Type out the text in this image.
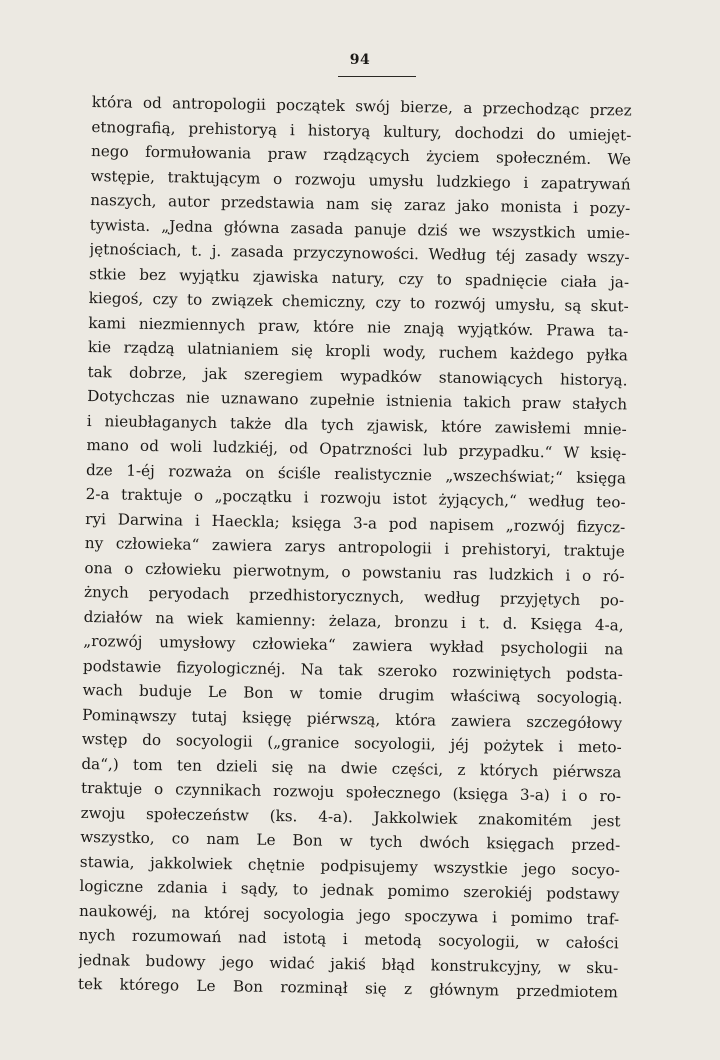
94
która od antropologii początek swój bierze, a przechodząc przez
etnografią, prehistoryą i historyą kultury, dochodzi do umiejęt-
nego formułowania praw rządzących życiem społeczném. We
wstępie, traktującym o rozwoju umysłu ludzkiego i zapatrywań
naszych, autor przedstawia nam się zaraz jako monista i pozy-
tywista. „Jedna główna zasada panuje dziś we wszystkich umie-
jętnościach, t. j. zasada przyczynowości. Według téj zasady wszy-
stkie bez wyjątku zjawiska natury, czy to spadnięcie ciała ja-
kiegoś, czy to związek chemiczny, czy to rozwój umysłu, są skut-
kami niezmiennych praw, które nie znają wyjątków. Prawa ta-
kie rządzą ulatnianiem się kropli wody, ruchem każdego pyłka
tak dobrze, jak szeregiem wypadków stanowiących historyą.
Dotychczas nie uznawano zupełnie istnienia takich praw stałych
i nieubłaganych także dla tych zjawisk, które zawisłemi mnie-
mano od woli ludzkiéj, od Opatrzności lub przypadku.“ W księ-
dze 1-éj rozważa on ściśle realistycznie „wszechświat;“ księga
2-a traktuje o „początku i rozwoju istot żyjących,“ według teo-
ryi Darwina i Haeckla; księga 3-a pod napisem „rozwój fizycz-
ny człowieka“ zawiera zarys antropologii i prehistoryi, traktuje
ona o człowieku pierwotnym, o powstaniu ras ludzkich i o ró-
żnych peryodach przedhistorycznych, według przyjętych po-
działów na wiek kamienny: żelaza, bronzu i t. d. Księga 4-a,
„rozwój umysłowy człowieka“ zawiera wykład psychologii na
podstawie fizyologicznéj. Na tak szeroko rozwiniętych podsta-
wach buduje Le Bon w tomie drugim właściwą socyologią.
Pominąwszy tutaj księgę piérwszą, która zawiera szczegółowy
wstęp do socyologii („granice socyologii, jéj pożytek i meto-
da“,) tom ten dzieli się na dwie części, z których piérwsza
traktuje o czynnikach rozwoju społecznego (księga 3-a) i o ro-
zwoju społeczeństw (ks. 4-a). Jakkolwiek znakomitém jest
wszystko, co nam Le Bon w tych dwóch księgach przed-
stawia, jakkolwiek chętnie podpisujemy wszystkie jego socyo-
logiczne zdania i sądy, to jednak pomimo szerokiéj podstawy
naukowéj, na której socyologia jego spoczywa i pomimo traf-
nych rozumowań nad istotą i metodą socyologii, w całości
jednak budowy jego widać jakiś błąd konstrukcyjny, w sku-
tek którego Le Bon rozminął się z głównym przedmiotem
